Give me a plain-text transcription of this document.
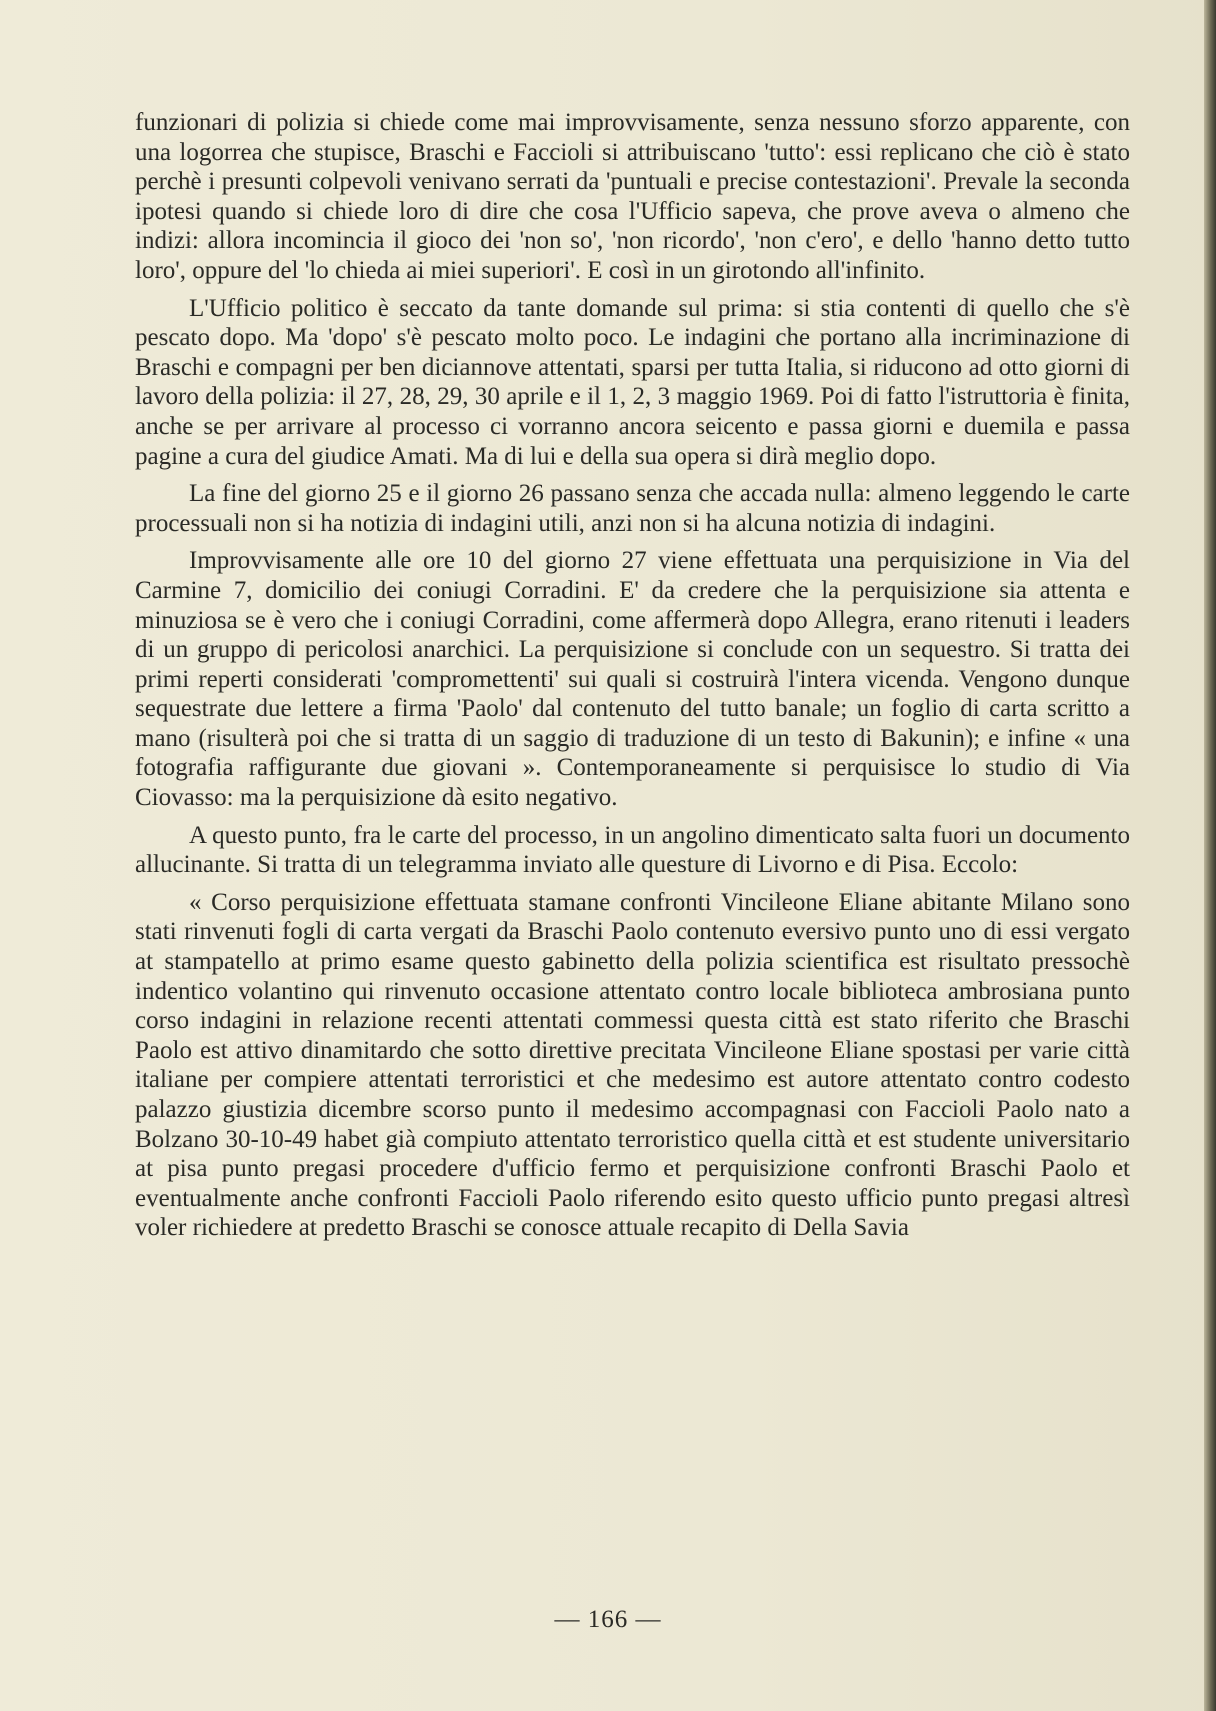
funzionari di polizia si chiede come mai improvvisamente, senza nessuno sforzo apparente, con una logorrea che stupisce, Braschi e Faccioli si attribuiscano 'tutto': essi replicano che ciò è stato perchè i presunti colpevoli venivano serrati da 'puntuali e precise contestazioni'. Prevale la seconda ipotesi quando si chiede loro di dire che cosa l'Ufficio sapeva, che prove aveva o almeno che indizi: allora incomincia il gioco dei 'non so', 'non ricordo', 'non c'ero', e dello 'hanno detto tutto loro', oppure del 'lo chieda ai miei superiori'. E così in un girotondo all'infinito.

L'Ufficio politico è seccato da tante domande sul prima: si stia contenti di quello che s'è pescato dopo. Ma 'dopo' s'è pescato molto poco. Le indagini che portano alla incriminazione di Braschi e compagni per ben diciannove attentati, sparsi per tutta Italia, si riducono ad otto giorni di lavoro della polizia: il 27, 28, 29, 30 aprile e il 1, 2, 3 maggio 1969. Poi di fatto l'istruttoria è finita, anche se per arrivare al processo ci vorranno ancora seicento e passa giorni e duemila e passa pagine a cura del giudice Amati. Ma di lui e della sua opera si dirà meglio dopo.

La fine del giorno 25 e il giorno 26 passano senza che accada nulla: almeno leggendo le carte processuali non si ha notizia di indagini utili, anzi non si ha alcuna notizia di indagini.

Improvvisamente alle ore 10 del giorno 27 viene effettuata una perquisizione in Via del Carmine 7, domicilio dei coniugi Corradini. E' da credere che la perquisizione sia attenta e minuziosa se è vero che i coniugi Corradini, come affermerà dopo Allegra, erano ritenuti i leaders di un gruppo di pericolosi anarchici. La perquisizione si conclude con un sequestro. Si tratta dei primi reperti considerati 'compromettenti' sui quali si costruirà l'intera vicenda. Vengono dunque sequestrate due lettere a firma 'Paolo' dal contenuto del tutto banale; un foglio di carta scritto a mano (risulterà poi che si tratta di un saggio di traduzione di un testo di Bakunin); e infine « una fotografia raffigurante due giovani ». Contemporaneamente si perquisisce lo studio di Via Ciovasso: ma la perquisizione dà esito negativo.

A questo punto, fra le carte del processo, in un angolino dimenticato salta fuori un documento allucinante. Si tratta di un telegramma inviato alle questure di Livorno e di Pisa. Eccolo:

« Corso perquisizione effettuata stamane confronti Vincileone Eliane abitante Milano sono stati rinvenuti fogli di carta vergati da Braschi Paolo contenuto eversivo punto uno di essi vergato at stampatello at primo esame questo gabinetto della polizia scientifica est risultato pressochè indentico volantino qui rinvenuto occasione attentato contro locale biblioteca ambrosiana punto corso indagini in relazione recenti attentati commessi questa città est stato riferito che Braschi Paolo est attivo dinamitardo che sotto direttive precitata Vincileone Eliane spostasi per varie città italiane per compiere attentati terroristici et che medesimo est autore attentato contro codesto palazzo giustizia dicembre scorso punto il medesimo accompagnasi con Faccioli Paolo nato a Bolzano 30-10-49 habet già compiuto attentato terroristico quella città et est studente universitario at pisa punto pregasi procedere d'ufficio fermo et perquisizione confronti Braschi Paolo et eventualmente anche confronti Faccioli Paolo riferendo esito questo ufficio punto pregasi altresì voler richiedere at predetto Braschi se conosce attuale recapito di Della Savia

— 166 —
